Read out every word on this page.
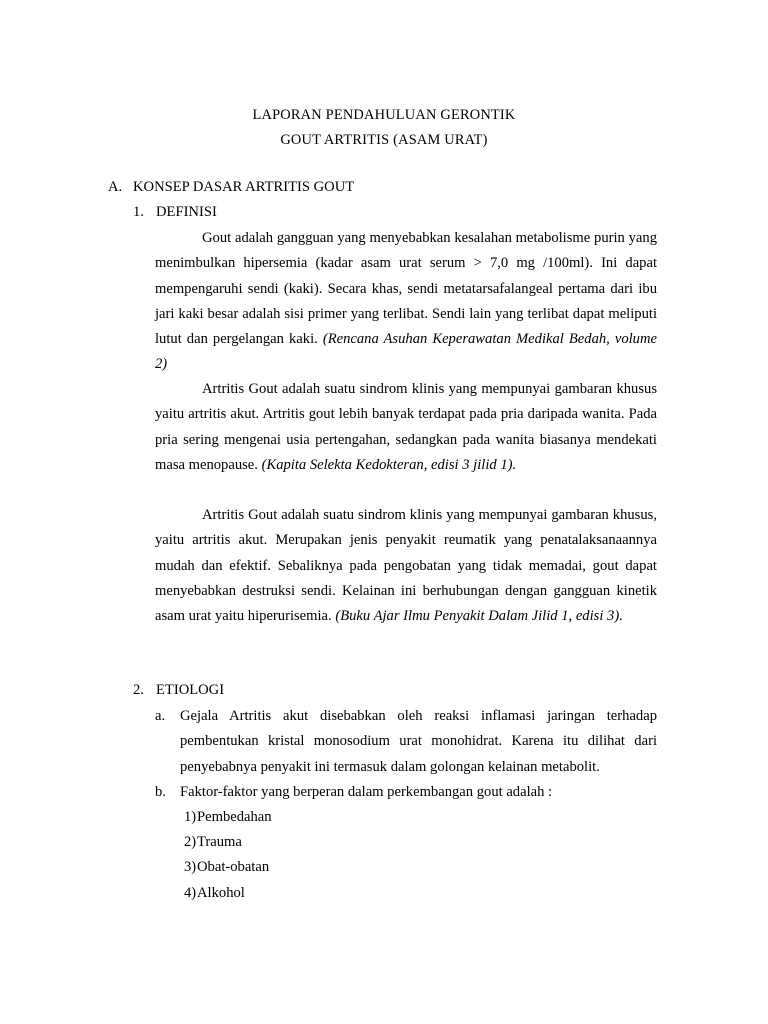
LAPORAN PENDAHULUAN GERONTIK
GOUT ARTRITIS (ASAM URAT)
A. KONSEP DASAR ARTRITIS GOUT
1. DEFINISI

Gout adalah gangguan yang menyebabkan kesalahan metabolisme purin yang menimbulkan hipersemia (kadar asam urat serum > 7,0 mg /100ml). Ini dapat mempengaruhi sendi (kaki). Secara khas, sendi metatarsafalangeal pertama dari ibu jari kaki besar adalah sisi primer yang terlibat. Sendi lain yang terlibat dapat meliputi lutut dan pergelangan kaki. (Rencana Asuhan Keperawatan Medikal Bedah, volume 2)

Artritis Gout adalah suatu sindrom klinis yang mempunyai gambaran khusus yaitu artritis akut. Artritis gout lebih banyak terdapat pada pria daripada wanita. Pada pria sering mengenai usia pertengahan, sedangkan pada wanita biasanya mendekati masa menopause. (Kapita Selekta Kedokteran, edisi 3 jilid 1).

Artritis Gout adalah suatu sindrom klinis yang mempunyai gambaran khusus, yaitu artritis akut. Merupakan jenis penyakit reumatik yang penatalaksanaannya mudah dan efektif. Sebaliknya pada pengobatan yang tidak memadai, gout dapat menyebabkan destruksi sendi. Kelainan ini berhubungan dengan gangguan kinetik asam urat yaitu hiperurisemia. (Buku Ajar Ilmu Penyakit Dalam Jilid 1, edisi 3).

2. ETIOLOGI
a. Gejala Artritis akut disebabkan oleh reaksi inflamasi jaringan terhadap pembentukan kristal monosodium urat monohidrat. Karena itu dilihat dari penyebabnya penyakit ini termasuk dalam golongan kelainan metabolit.
b. Faktor-faktor yang berperan dalam perkembangan gout adalah :
1) Pembedahan
2) Trauma
3) Obat-obatan
4) Alkohol
